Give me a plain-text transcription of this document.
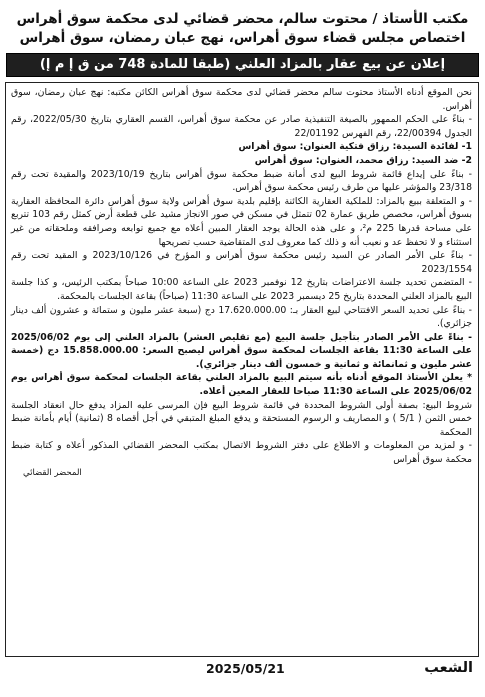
مكتب الأستاذ / محتوت سالم، محضر قضائي لدى محكمة سوق أهراس
اختصاص مجلس قضاء سوق أهراس، نهج عبان رمضان، سوق أهراس
إعلان عن بيع عقار بالمزاد العلني (طبقا للمادة 748 من ق إ م إ)

نحن الموقع أدناه الأستاذ محتوت سالم محضر قضائي لدى محكمة سوق أهراس الكائن مكتبه: نهج عبان رمضان، سوق أهراس.

- بناءً على الحكم الممهور بالصيغة التنفيذية صادر عن محكمة سوق أهراس، القسم العقاري بتاريخ 2022/05/30، رقم الجدول 22/00394، رقم الفهرس 22/01192

1- لفائدة السيدة: رزاق فتكية العنوان: سوق أهراس

2- ضد السيد: رزاق محمد، العنوان: سوق أهراس

- بناءً على إيداع قائمة شروط البيع لدى أمانة ضبط محكمة سوق أهراس بتاريخ 2023/10/19 والمقيدة تحت رقم 23/318 والمؤشر عليها من طرف رئيس محكمة سوق أهراس.

- و المتعلقة ببيع بالمزاد: للملكية العقارية الكائنة بإقليم بلدية سوق أهراس ولاية سوق أهراس دائرة المحافظة العقارية بسوق أهراس، مخصص طريق عمارة 02 تتمثل في مسكن في صور الانجاز مشيد على قطعة أرض كمثل رقم 103 تتربع على مساحة قدرها 225 م²، و على هذه الحالة يوجد العقار المبين أعلاه مع جميع توابعه وصرافقه وملحقاته من غير استثناء و لا تحفظ عد و نعيب أنه و ذلك كما معروف لدى المتقاضية حسب تصريحها

- بناءً على الأمر الصادر عن السيد رئيس محكمة سوق أهراس و المؤرخ في 2023/10/126 و المقيد تحت رقم 2023/1554

- المتضمن تحديد جلسة الاعتراضات بتاريخ 12 نوفمبر 2023 على الساعة 10:00 صباحاً بمكتب الرئيس، و كذا جلسة البيع بالمزاد العلني المحددة بتاريخ 25 ديسمبر 2023 على الساعة 11:30 (صباحاً) بقاعة الجلسات بالمحكمة.

- بناءً على تحديد السعر الافتتاحي لبيع العقار بـ: 17.620.000.00 دج (سبعة عشر مليون و ستمائة و عشرون ألف دينار جزائري).

- بناءً على الأمر الصادر بتأجيل جلسة البيع (مع تقليص العشر) بالمزاد العلني إلى يوم 2025/06/02 على الساعة 11:30 بقاعة الجلسات لمحكمة سوق أهراس ليصبح السعر: 15.858.000.00 دج (خمسة عشر مليون و ثمانمائة و ثمانية و خمسون ألف دينار جزائري).

* يعلن الأستاذ الموقع أدناه بأنه سيتم البيع بالمزاد العلني بقاعة الجلسات لمحكمة سوق أهراس يوم 2025/06/02 على الساعة 11:30 صباحا للعقار المعين أعلاه.

شروط البيع: بصفة أولى الشروط المحددة في قائمة شروط البيع فإن المرسى عليه المزاد يدفع حال انعقاد الجلسة خمس الثمن ( 5/1 ) و المصاريف و الرسوم المستحقة و يدفع المبلغ المتبقي في أجل أقصاه 8 (ثمانية) أيام بأمانة ضبط المحكمة

- و لمزيد من المعلومات و الاطلاع على دفتر الشروط الاتصال بمكتب المحضر القضائي المذكور أعلاه و كتابة ضبط محكمة سوق أهراس

المحضر القضائي

الشعب
2025/05/21
